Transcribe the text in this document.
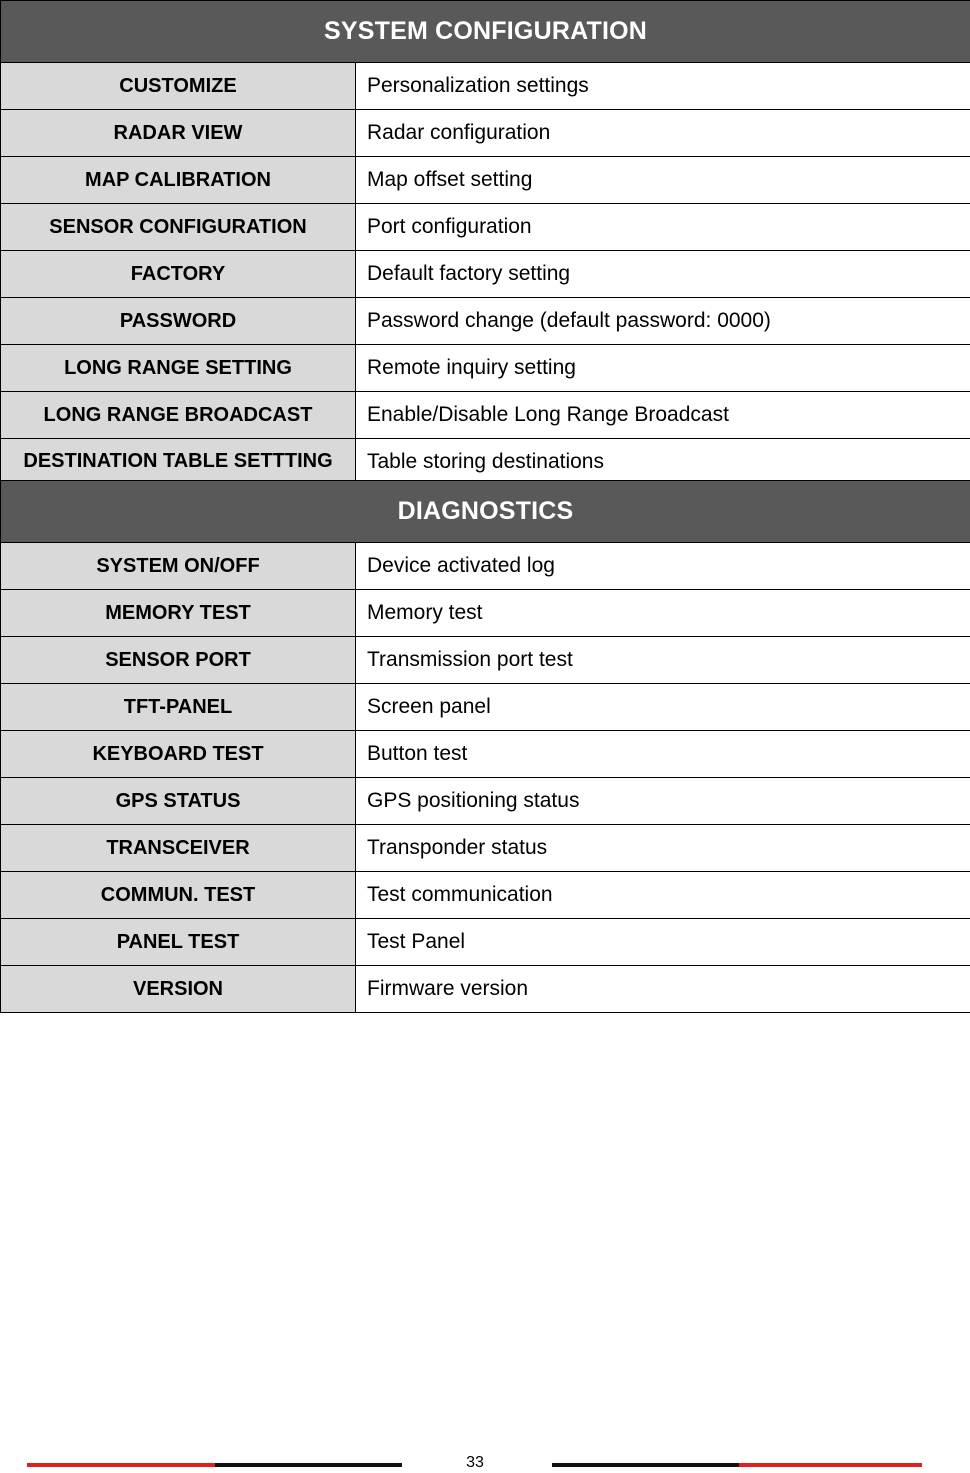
SYSTEM CONFIGURATION	
CUSTOMIZE	Personalization settings
RADAR VIEW	Radar configuration
MAP CALIBRATION	Map offset setting
SENSOR CONFIGURATION	Port configuration
FACTORY	Default factory setting
PASSWORD	Password change (default password: 0000)
LONG RANGE SETTING	Remote inquiry setting
LONG RANGE BROADCAST	Enable/Disable Long Range Broadcast
DESTINATION TABLE SETTTING	Table storing destinations
DIAGNOSTICS	
SYSTEM ON/OFF	Device activated log
MEMORY TEST	Memory test
SENSOR PORT	Transmission port test
TFT-PANEL	Screen panel
KEYBOARD TEST	Button test
GPS STATUS	GPS positioning status
TRANSCEIVER	Transponder status
COMMUN. TEST	Test communication
PANEL TEST	Test Panel
VERSION	Firmware version
33
